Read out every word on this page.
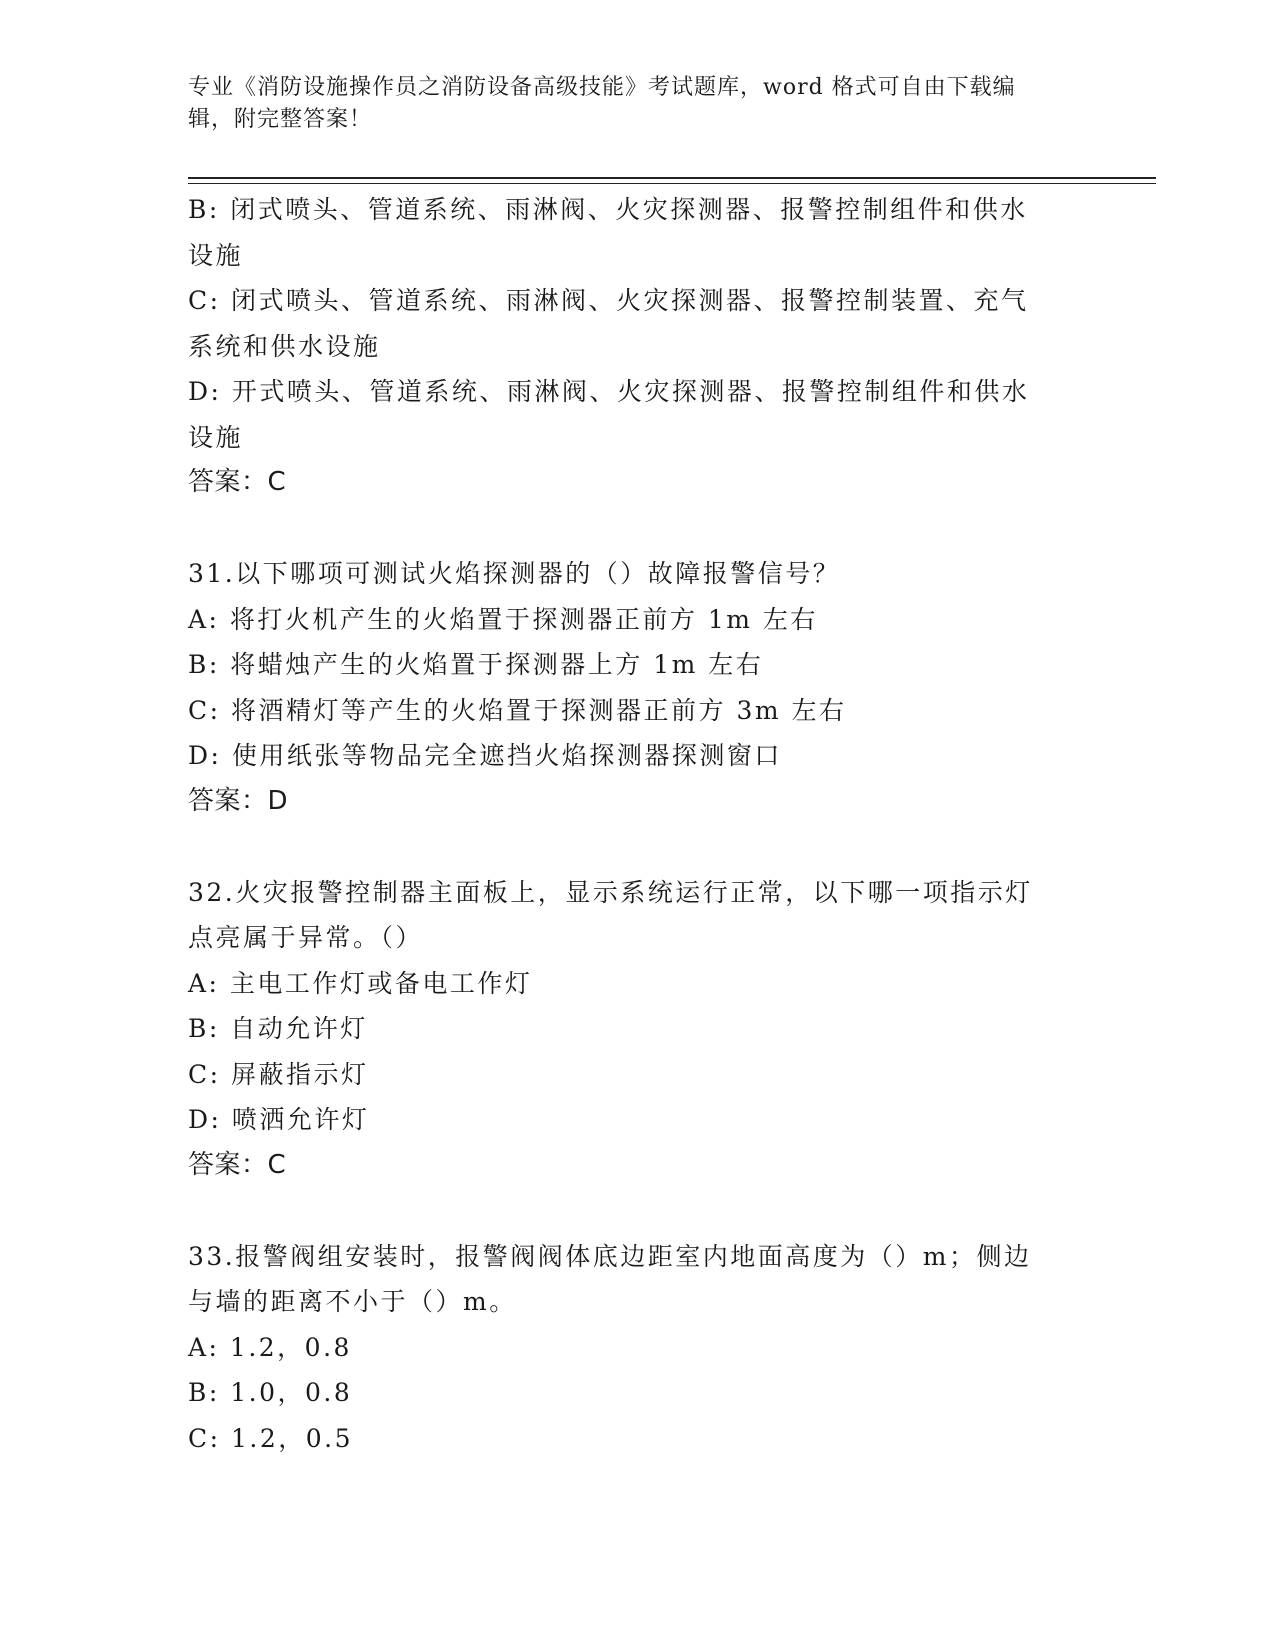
专业《消防设施操作员之消防设备高级技能》考试题库，word 格式可自由下载编
辑，附完整答案！
B: 闭式喷头、管道系统、雨淋阀、火灾探测器、报警控制组件和供水
设施
C: 闭式喷头、管道系统、雨淋阀、火灾探测器、报警控制装置、充气
系统和供水设施
D: 开式喷头、管道系统、雨淋阀、火灾探测器、报警控制组件和供水
设施
答案：C
31.以下哪项可测试火焰探测器的（）故障报警信号？
A: 将打火机产生的火焰置于探测器正前方 1m 左右
B: 将蜡烛产生的火焰置于探测器上方 1m 左右
C: 将酒精灯等产生的火焰置于探测器正前方 3m 左右
D: 使用纸张等物品完全遮挡火焰探测器探测窗口
答案：D
32.火灾报警控制器主面板上，显示系统运行正常，以下哪一项指示灯
点亮属于异常。（）
A: 主电工作灯或备电工作灯
B: 自动允许灯
C: 屏蔽指示灯
D: 喷洒允许灯
答案：C
33.报警阀组安装时，报警阀阀体底边距室内地面高度为（）m；侧边
与墙的距离不小于（）m。
A: 1.2，0.8
B: 1.0，0.8
C: 1.2，0.5
